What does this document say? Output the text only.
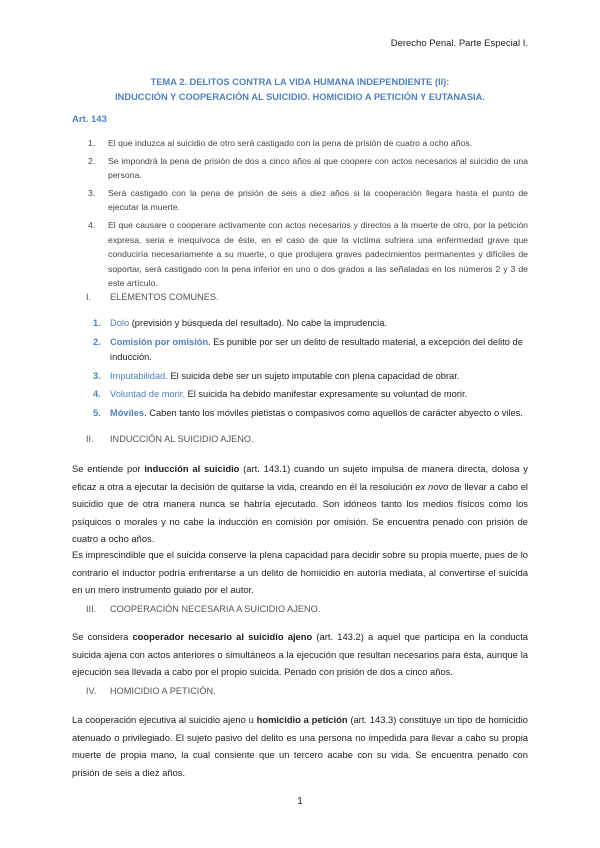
Derecho Penal. Parte Especial I.
TEMA 2. DELITOS CONTRA LA VIDA HUMANA INDEPENDIENTE (II):
INDUCCIÓN Y COOPERACIÓN AL SUICIDIO. HOMICIDIO A PETICIÓN Y EUTANASIA.
Art. 143
1. El que induzca al suicidio de otro será castigado con la pena de prisión de cuatro a ocho años.
2. Se impondrá la pena de prisión de dos a cinco años al que coopere con actos necesarios al suicidio de una persona.
3. Será castigado con la pena de prisión de seis a diez años si la cooperación llegara hasta el punto de ejecutar la muerte.
4. El que causare o cooperare activamente con actos necesarios y directos a la muerte de otro, por la petición expresa, seria e inequívoca de éste, en el caso de que la víctima sufriera una enfermedad grave que conduciría necesariamente a su muerte, o que produjera graves padecimientos permanentes y difíciles de soportar, será castigado con la pena inferior en uno o dos grados a las señaladas en los números 2 y 3 de este artículo.
I. ELEMENTOS COMUNES.
1. Dolo (previsión y búsqueda del resultado). No cabe la imprudencia.
2. Comisión por omisión. Es punible por ser un delito de resultado material, a excepción del delito de inducción.
3. Imputabilidad. El suicida debe ser un sujeto imputable con plena capacidad de obrar.
4. Voluntad de morir. El suicida ha debido manifestar expresamente su voluntad de morir.
5. Móviles. Caben tanto los móviles pietistas o compasivos como aquellos de carácter abyecto o viles.
II. INDUCCIÓN AL SUICIDIO AJENO.
Se entiende por inducción al suicidio (art. 143.1) cuando un sujeto impulsa de manera directa, dolosa y eficaz a otra a ejecutar la decisión de quitarse la vida, creando en él la resolución ex novo de llevar a cabo el suicidio que de otra manera nunca se habría ejecutado. Son idóneos tanto los medios físicos como los psíquicos o morales y no cabe la inducción en comisión por omisión. Se encuentra penado con prisión de cuatro a ocho años.
Es imprescindible que el suicida conserve la plena capacidad para decidir sobre su propia muerte, pues de lo contrario el inductor podría enfrentarse a un delito de homicidio en autoría mediata, al convertirse el suicida en un mero instrumento guiado por el autor.
III. COOPERACIÓN NECESARIA A SUICIDIO AJENO.
Se considera cooperador necesario al suicidio ajeno (art. 143.2) a aquel que participa en la conducta suicida ajena con actos anteriores o simultáneos a la ejecución que resultan necesarios para ésta, aunque la ejecución sea llevada a cabo por el propio suicida. Penado con prisión de dos a cinco años.
IV. HOMICIDIO A PETICIÓN.
La cooperación ejecutiva al suicidio ajeno u homicidio a petición (art. 143.3) constituye un tipo de homicidio atenuado o privilegiado. El sujeto pasivo del delito es una persona no impedida para llevar a cabo su propia muerte de propia mano, la cual consiente que un tercero acabe con su vida. Se encuentra penado con prisión de seis a diez años.
1
